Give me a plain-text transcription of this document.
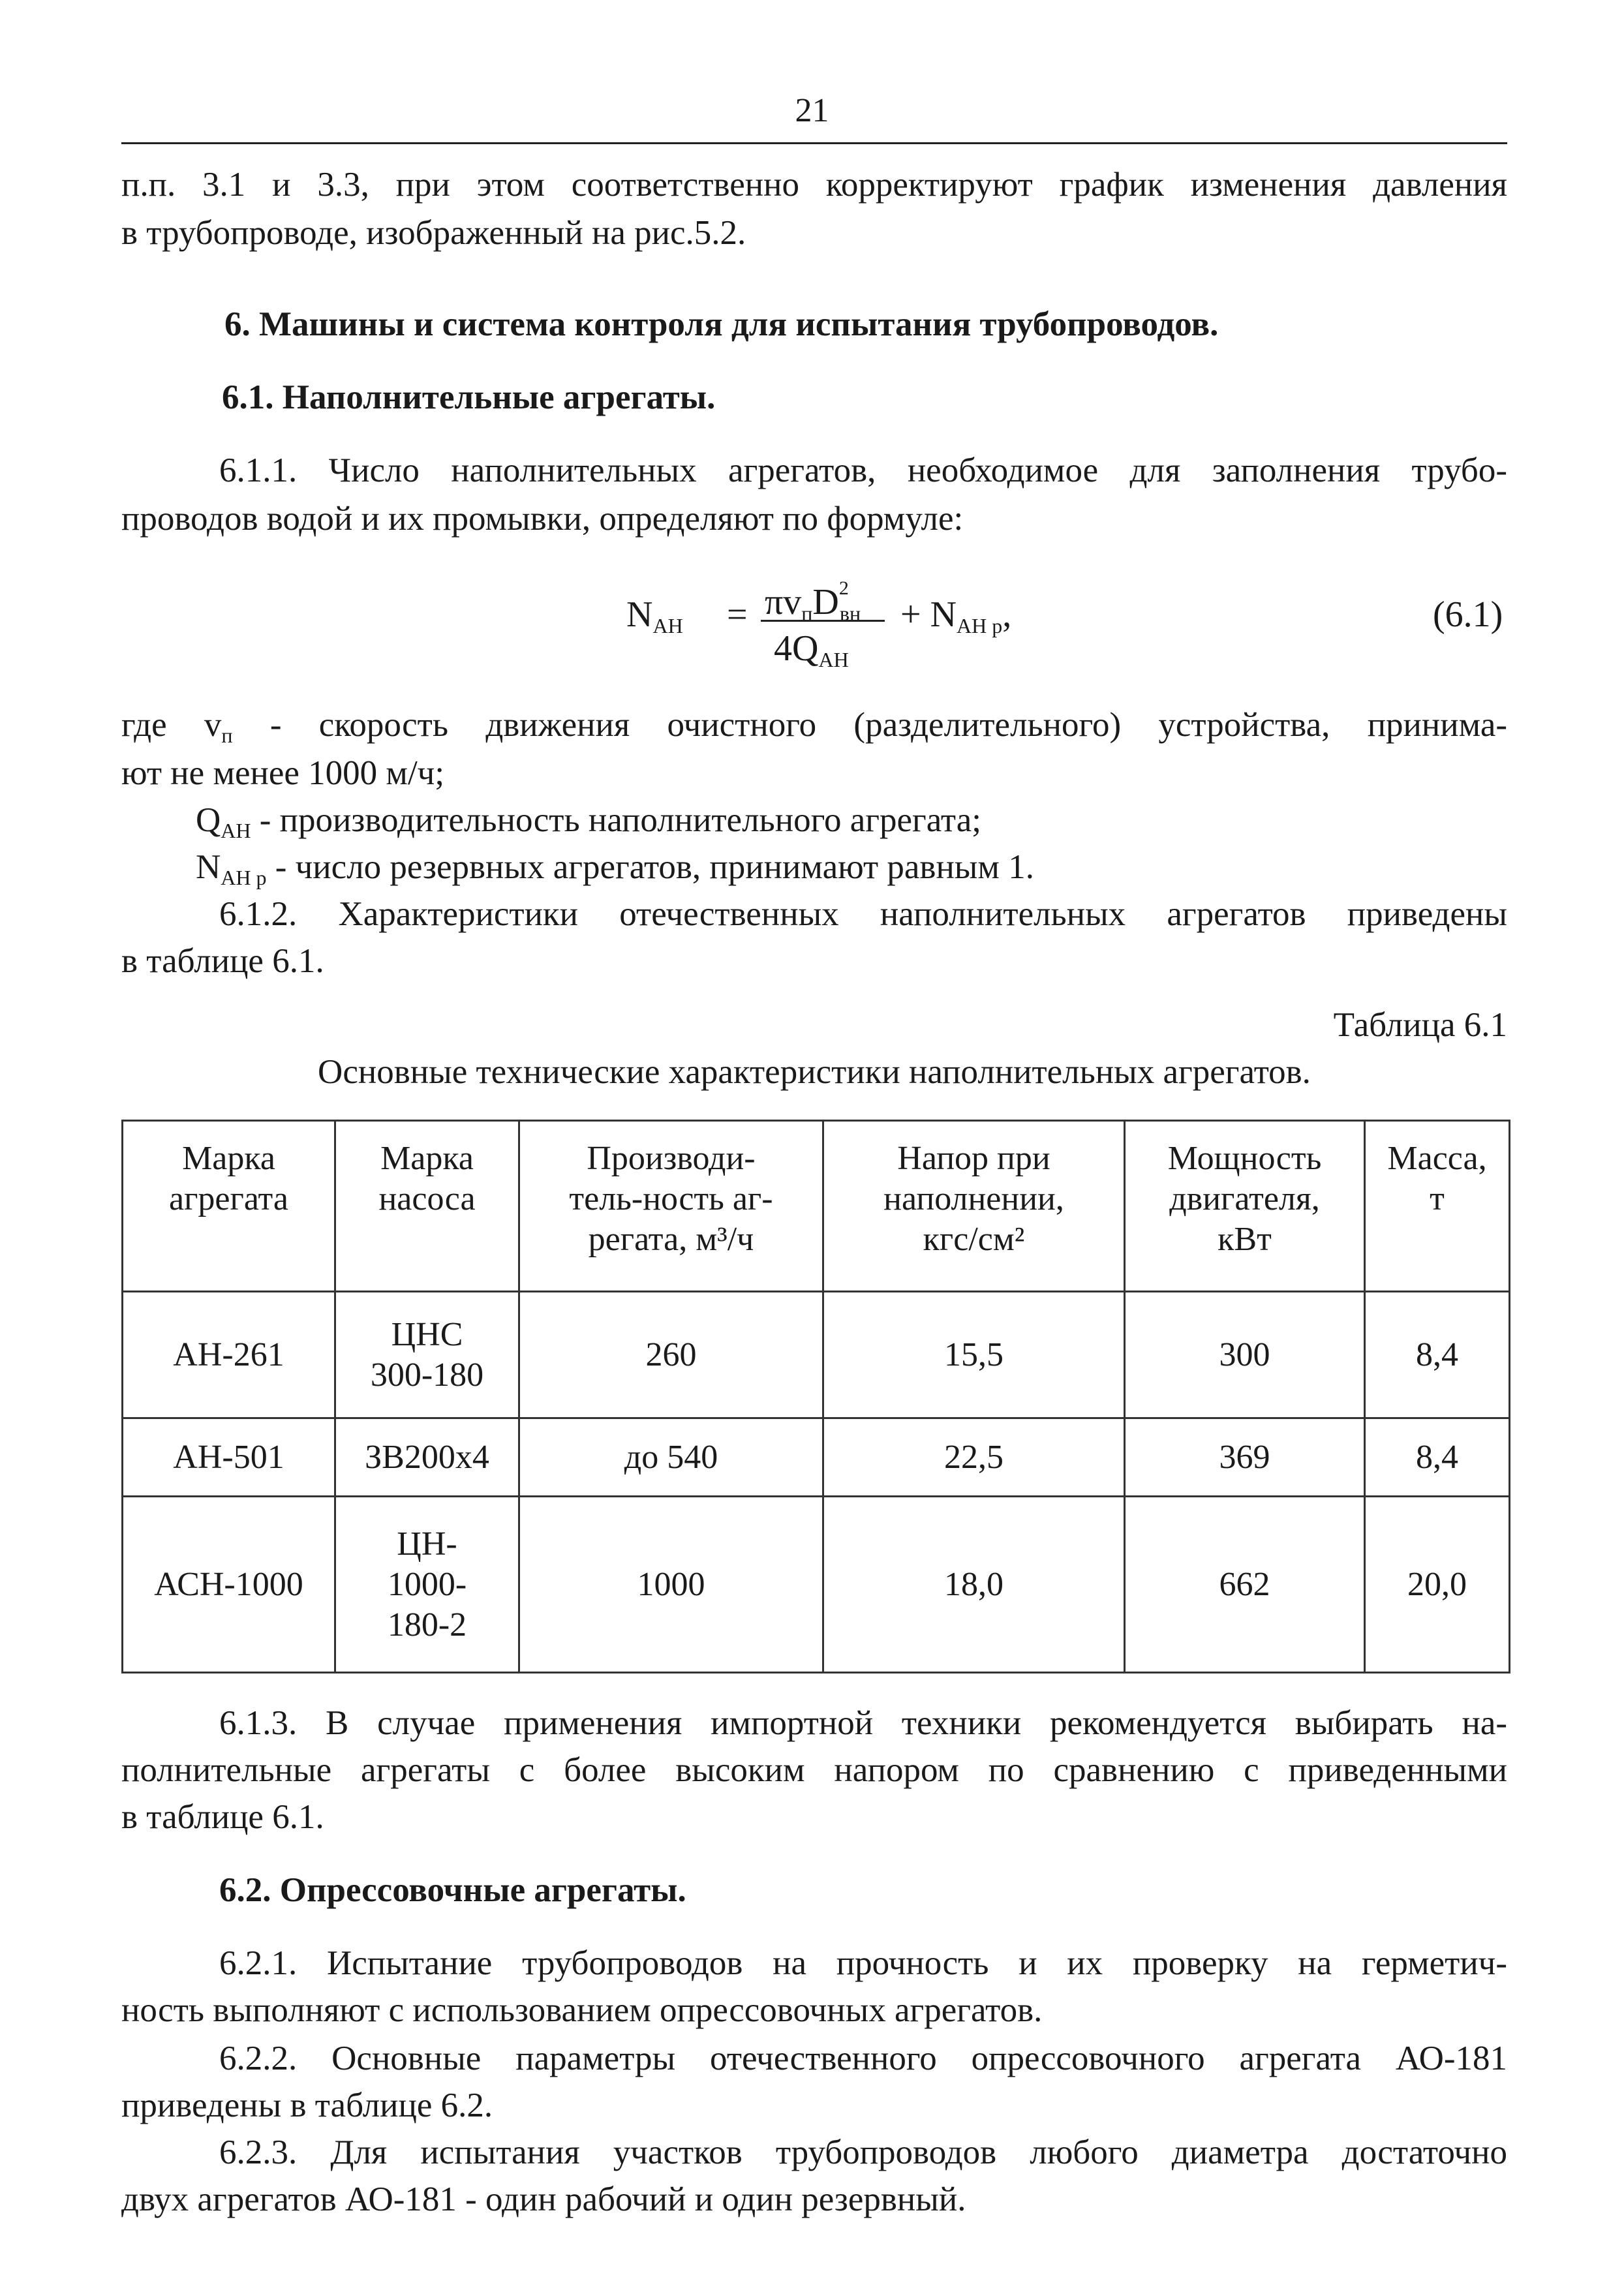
21
п.п. 3.1 и 3.3, при этом соответственно корректируют график изменения давления
в трубопроводе, изображенный на рис.5.2.
6. Машины и система контроля для испытания трубопроводов.
6.1. Наполнительные агрегаты.
6.1.1. Число наполнительных агрегатов, необходимое для заполнения трубо-
проводов водой и их промывки, определяют по формуле:
$N_{АН} = \pi v_пD^2_{вн}$
$4Q_{АН}$
+ $N_{АН р}$,	(6.1)
где $v_п$ - скорость движения очистного (разделительного) устройства, принима-
ют не менее 1000 м/ч;
$Q_{АН}$ - производительность наполнительного агрегата;
$N_{АН р}$ - число резервных агрегатов, принимают равным 1.
6.1.2. Характеристики отечественных наполнительных агрегатов приведены
в таблице 6.1.
Таблица 6.1
Основные технические характеристики наполнительных агрегатов.
Марка
агрегата	Марка
насоса	Производи-
тель-ность аг-
регата, м³/ч	Напор при
наполнении,
кгс/см²	Мощность
двигателя,
кВт	Масса,
т
АН-261	ЦНС
300-180	260	15,5	300	8,4
АН-501	ЗВ200х4	до 540	22,5	369	8,4
АСН-1000	ЦН-
1000-
180-2	1000	18,0	662	20,0
6.1.3. В случае применения импортной техники рекомендуется выбирать на-
полнительные агрегаты с более высоким напором по сравнению с приведенными
в таблице 6.1.
6.2. Опрессовочные агрегаты.
6.2.1. Испытание трубопроводов на прочность и их проверку на герметич-
ность выполняют с использованием опрессовочных агрегатов.
6.2.2. Основные параметры отечественного опрессовочного агрегата АО-181
приведены в таблице 6.2.
6.2.3. Для испытания участков трубопроводов любого диаметра достаточно
двух агрегатов АО-181 - один рабочий и один резервный.
